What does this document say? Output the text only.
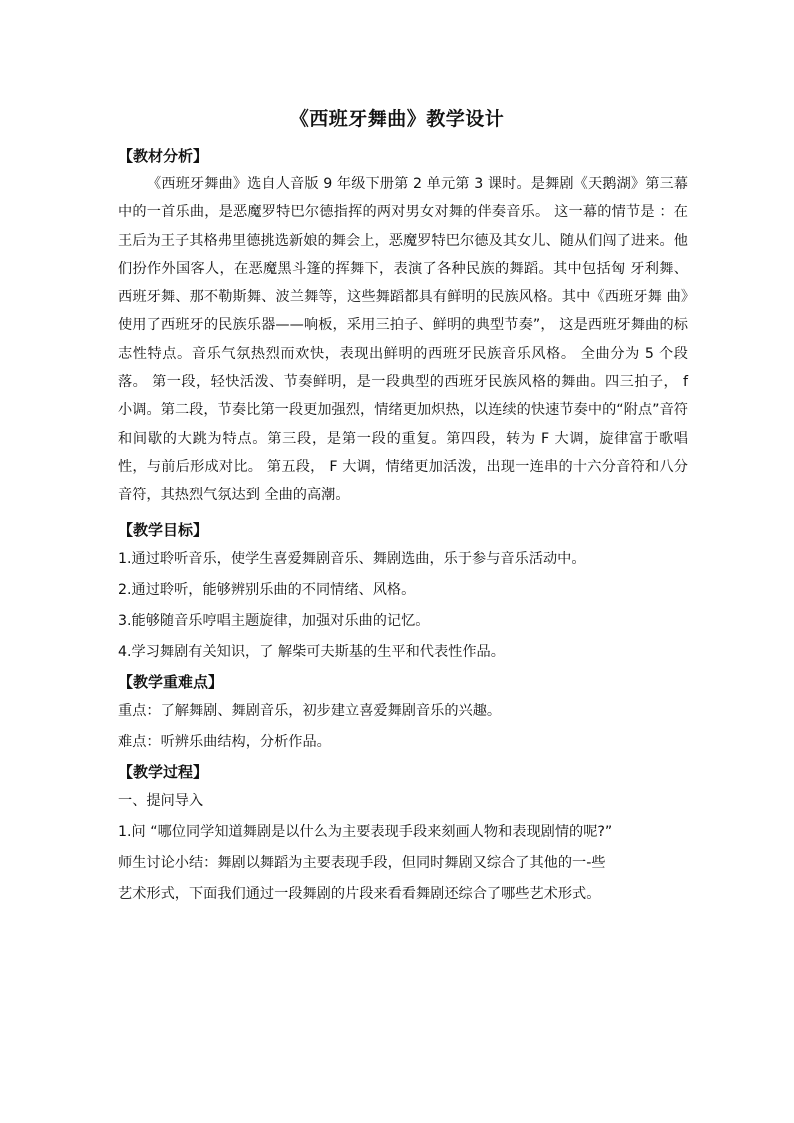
《西班牙舞曲》教学设计

【教材分析】

《西班牙舞曲》选自人音版 9 年级下册第 2 单元第 3 课时。是舞剧《天鹅湖》第三幕中的一首乐曲，是恶魔罗特巴尔德指挥的两对男女对舞的伴奏音乐。 这一幕的情节是 ：在王后为王子其格弗里德挑选新娘的舞会上，恶魔罗特巴尔德及其女儿、随从们闯了进来。他们扮作外国客人，在恶魔黑斗篷的挥舞下，表演了各种民族的舞蹈。其中包括匈 牙利舞、西班牙舞、那不勒斯舞、波兰舞等，这些舞蹈都具有鲜明的民族风格。其中《西班牙舞 曲》使用了西班牙的民族乐器——响板，采用三拍子、鲜明的典型节奏”， 这是西班牙舞曲的标志性特点。音乐气氛热烈而欢快，表现出鲜明的西班牙民族音乐风格。 全曲分为 5 个段落。 第一段，轻快活泼、节奏鲜明，是一段典型的西班牙民族风格的舞曲。四三拍子， f 小调。第二段，节奏比第一段更加强烈，情绪更加炽热，以连续的快速节奏中的“附点”音符和间歇的大跳为特点。第三段，是第一段的重复。第四段，转为 F 大调，旋律富于歌唱性，与前后形成对比。 第五段， F 大调，情绪更加活泼，出现一连串的十六分音符和八分音符，其热烈气氛达到 全曲的高潮。

【教学目标】

1.通过聆听音乐，使学生喜爱舞剧音乐、舞剧选曲，乐于参与音乐活动中。

2.通过聆听，能够辨别乐曲的不同情绪、风格。

3.能够随音乐哼唱主题旋律，加强对乐曲的记忆。

4.学习舞剧有关知识，了 解柴可夫斯基的生平和代表性作品。

【教学重难点】

重点：了解舞剧、舞剧音乐，初步建立喜爱舞剧音乐的兴趣。

难点：听辨乐曲结构，分析作品。

【教学过程】

一、提问导入

1.问 “哪位同学知道舞剧是以什么为主要表现手段来刻画人物和表现剧情的呢?”

师生讨论小结：舞剧以舞蹈为主要表现手段，但同时舞剧又综合了其他的一-些

艺术形式，下面我们通过一段舞剧的片段来看看舞剧还综合了哪些艺术形式。
